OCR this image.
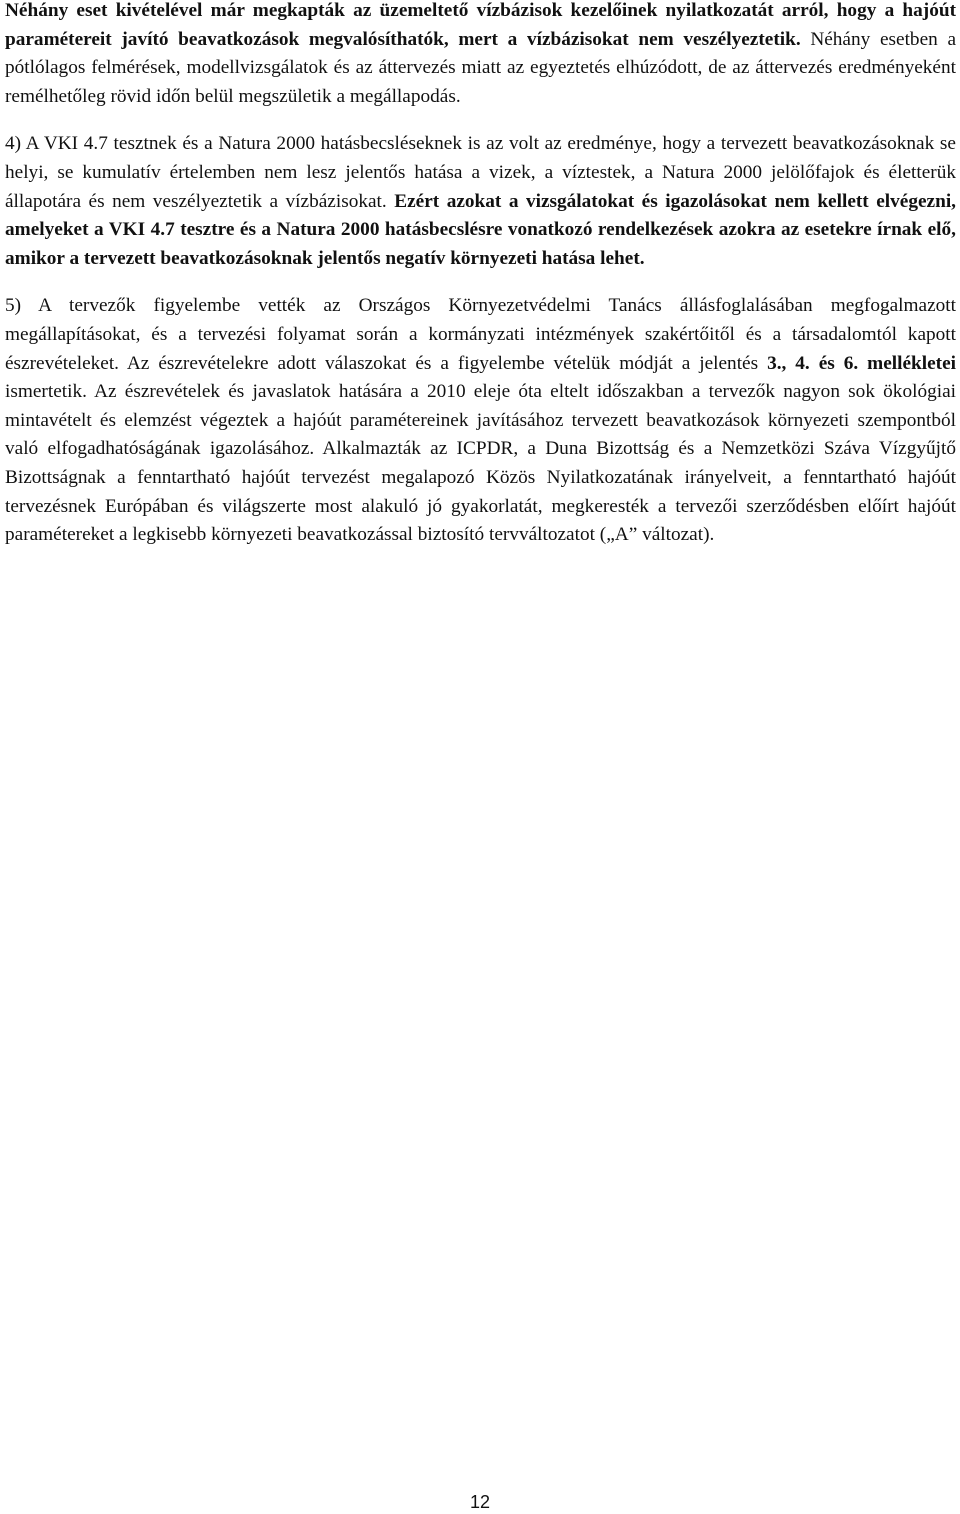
Néhány eset kivételével már megkapták az üzemeltető vízbázisok kezelőinek nyilatkozatát arról, hogy a hajóút paramétereit javító beavatkozások megvalósíthatók, mert a vízbázisokat nem veszélyeztetik. Néhány esetben a pótlólagos felmérések, modellvizsgálatok és az áttervezés miatt az egyeztetés elhúzódott, de az áttervezés eredményeként remélhetőleg rövid időn belül megszületik a megállapodás.

4) A VKI 4.7 tesztnek és a Natura 2000 hatásbecsléseknek is az volt az eredménye, hogy a tervezett beavatkozásoknak se helyi, se kumulatív értelemben nem lesz jelentős hatása a vizek, a víztestek, a Natura 2000 jelölőfajok és életterük állapotára és nem veszélyeztetik a vízbázisokat. Ezért azokat a vizsgálatokat és igazolásokat nem kellett elvégezni, amelyeket a VKI 4.7 tesztre és a Natura 2000 hatásbecslésre vonatkozó rendelkezések azokra az esetekre írnak elő, amikor a tervezett beavatkozásoknak jelentős negatív környezeti hatása lehet.

5) A tervezők figyelembe vették az Országos Környezetvédelmi Tanács állásfoglalásában megfogalmazott megállapításokat, és a tervezési folyamat során a kormányzati intézmények szakértőitől és a társadalomtól kapott észrevételeket. Az észrevételekre adott válaszokat és a figyelembe vételük módját a jelentés 3., 4. és 6. mellékletei ismertetik. Az észrevételek és javaslatok hatására a 2010 eleje óta eltelt időszakban a tervezők nagyon sok ökológiai mintavételt és elemzést végeztek a hajóút paramétereinek javításához tervezett beavatkozások környezeti szempontból való elfogadhatóságának igazolásához. Alkalmazták az ICPDR, a Duna Bizottság és a Nemzetközi Száva Vízgyűjtő Bizottságnak a fenntartható hajóút tervezést megalapozó Közös Nyilatkozatának irányelveit, a fenntartható hajóút tervezésnek Európában és világszerte most alakuló jó gyakorlatát, megkeresték a tervezői szerződésben előírt hajóút paramétereket a legkisebb környezeti beavatkozással biztosító tervváltozatot („A” változat).

12
